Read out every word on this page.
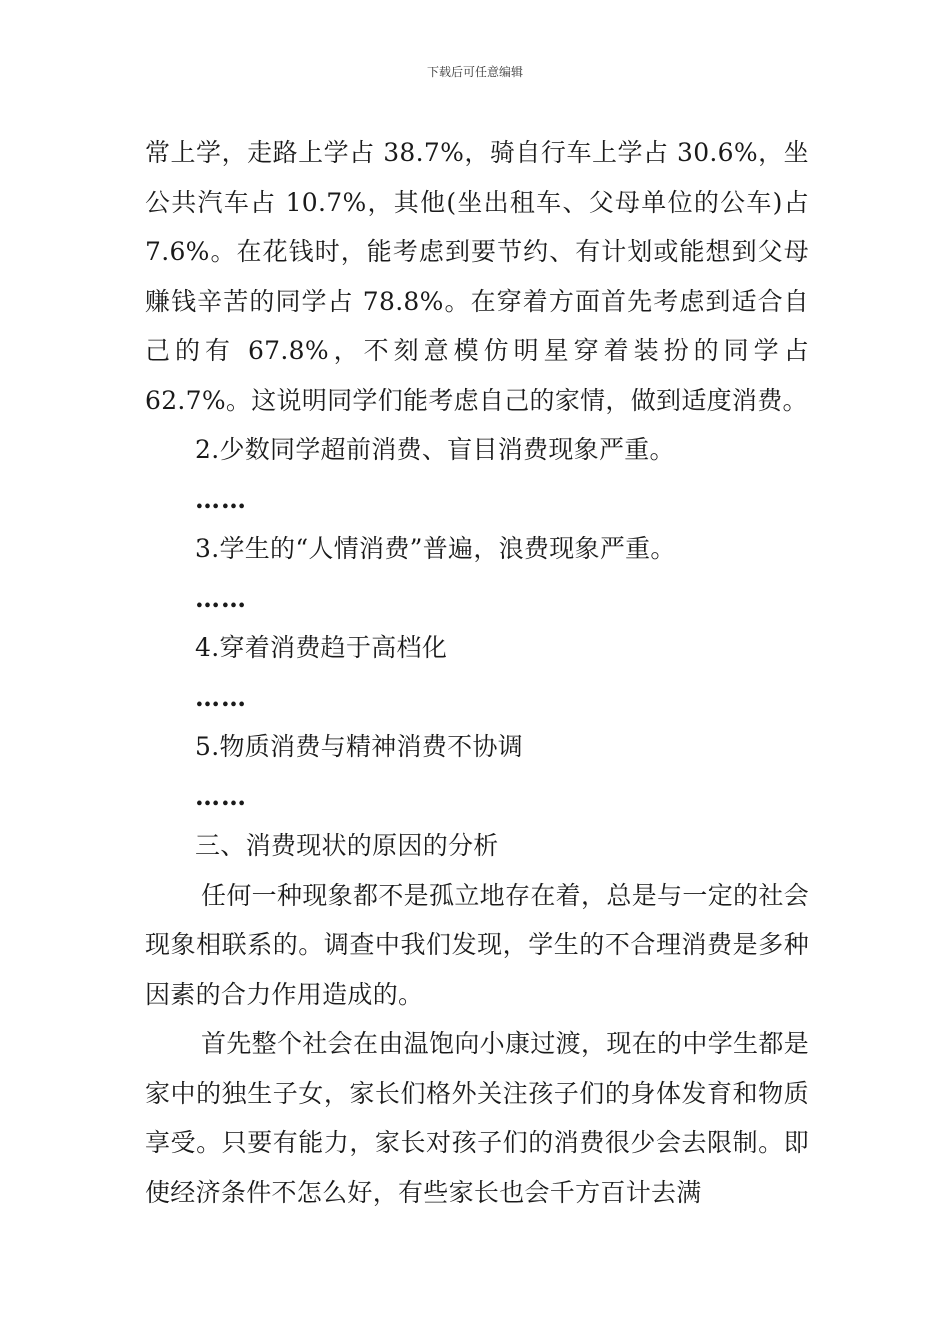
下载后可任意编辑

常上学，走路上学占 38.7%，骑自行车上学占 30.6%，坐公共汽车占 10.7%，其他(坐出租车、父母单位的公车)占 7.6%。在花钱时，能考虑到要节约、有计划或能想到父母赚钱辛苦的同学占 78.8%。在穿着方面首先考虑到适合自己的有 67.8%，不刻意模仿明星穿着装扮的同学占 62.7%。这说明同学们能考虑自己的家情，做到适度消费。

2.少数同学超前消费、盲目消费现象严重。

……

3.学生的“人情消费”普遍，浪费现象严重。

……

4.穿着消费趋于高档化

……

5.物质消费与精神消费不协调

……

三、消费现状的原因的分析

任何一种现象都不是孤立地存在着，总是与一定的社会现象相联系的。调查中我们发现，学生的不合理消费是多种因素的合力作用造成的。

首先整个社会在由温饱向小康过渡，现在的中学生都是家中的独生子女，家长们格外关注孩子们的身体发育和物质享受。只要有能力，家长对孩子们的消费很少会去限制。即使经济条件不怎么好，有些家长也会千方百计去满
